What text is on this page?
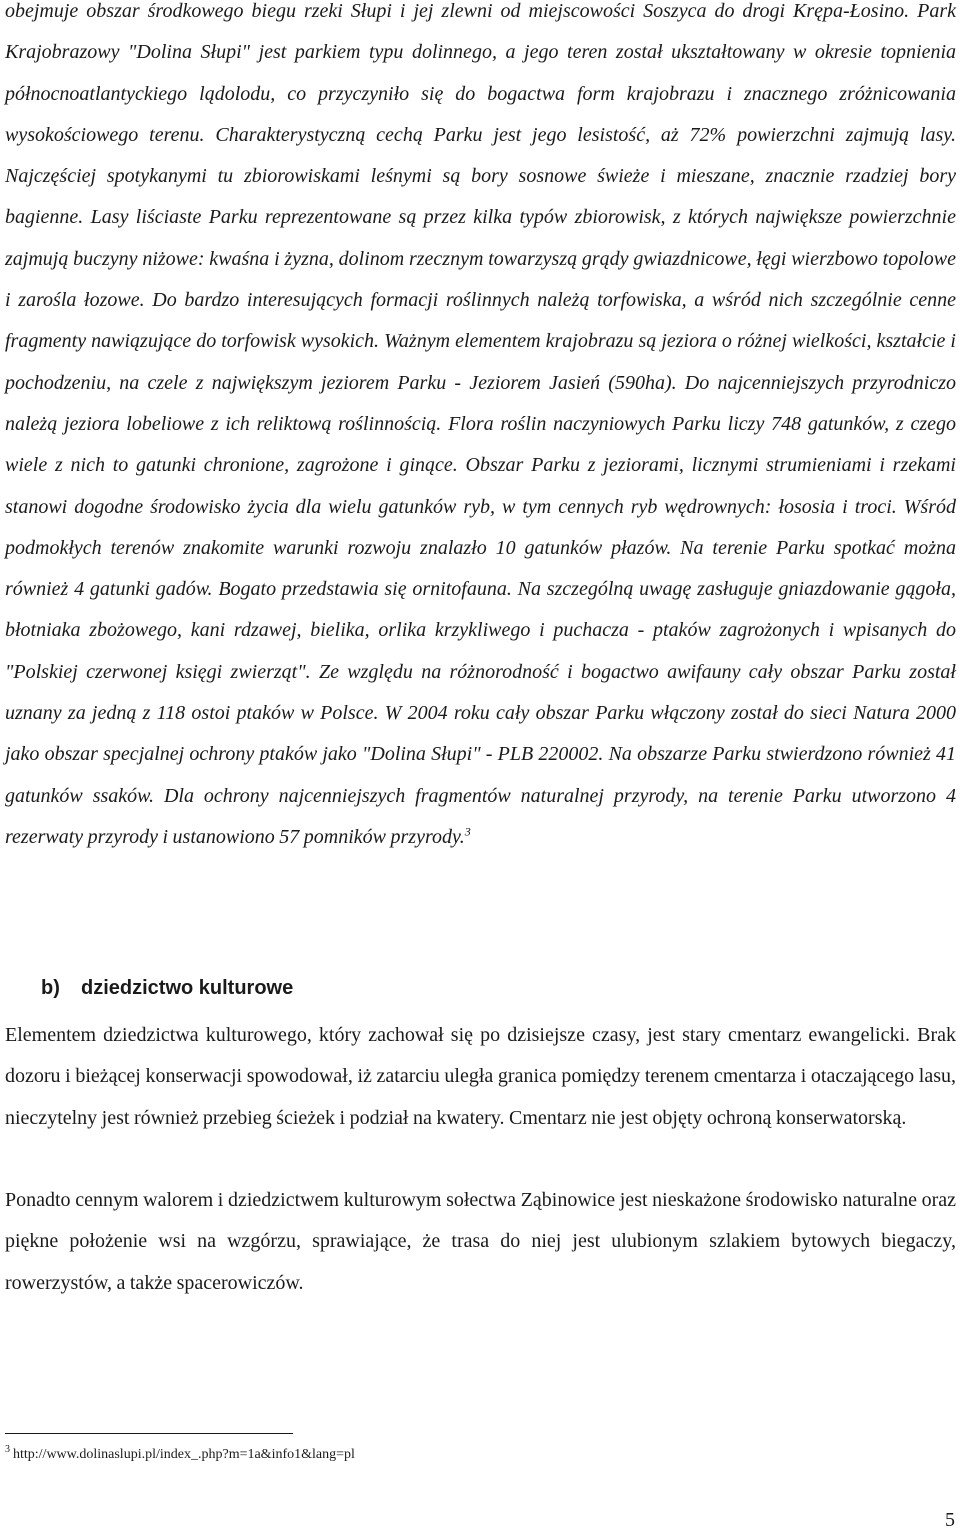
obejmuje obszar środkowego biegu rzeki Słupi i jej zlewni od miejscowości Soszyca do drogi Krępa-Łosino. Park Krajobrazowy "Dolina Słupi" jest parkiem typu dolinnego, a jego teren został ukształtowany w okresie topnienia północnoatlantyckiego lądolodu, co przyczyniło się do bogactwa form krajobrazu i znacznego zróżnicowania wysokościowego terenu. Charakterystyczną cechą Parku jest jego lesistość, aż 72% powierzchni zajmują lasy. Najczęściej spotykanymi tu zbiorowiskami leśnymi są bory sosnowe świeże i mieszane, znacznie rzadziej bory bagienne. Lasy liściaste Parku reprezentowane są przez kilka typów zbiorowisk, z których największe powierzchnie zajmują buczyny niżowe: kwaśna i żyzna, dolinom rzecznym towarzyszą grądy gwiazdnicowe, łęgi wierzbowo topolowe i zarośla łozowe. Do bardzo interesujących formacji roślinnych należą torfowiska, a wśród nich szczególnie cenne fragmenty nawiązujące do torfowisk wysokich. Ważnym elementem krajobrazu są jeziora o różnej wielkości, kształcie i pochodzeniu, na czele z największym jeziorem Parku - Jeziorem Jasień (590ha). Do najcenniejszych przyrodniczo należą jeziora lobeliowe z ich reliktową roślinnością. Flora roślin naczyniowych Parku liczy 748 gatunków, z czego wiele z nich to gatunki chronione, zagrożone i ginące. Obszar Parku z jeziorami, licznymi strumieniami i rzekami stanowi dogodne środowisko życia dla wielu gatunków ryb, w tym cennych ryb wędrownych: łososia i troci. Wśród podmokłych terenów znakomite warunki rozwoju znalazło 10 gatunków płazów. Na terenie Parku spotkać można również 4 gatunki gadów. Bogato przedstawia się ornitofauna. Na szczególną uwagę zasługuje gniazdowanie gągoła, błotniaka zbożowego, kani rdzawej, bielika, orlika krzykliwego i puchacza - ptaków zagrożonych i wpisanych do "Polskiej czerwonej księgi zwierząt". Ze względu na różnorodność i bogactwo awifauny cały obszar Parku został uznany za jedną z 118 ostoi ptaków w Polsce. W 2004 roku cały obszar Parku włączony został do sieci Natura 2000 jako obszar specjalnej ochrony ptaków jako "Dolina Słupi" - PLB 220002. Na obszarze Parku stwierdzono również 41 gatunków ssaków. Dla ochrony najcenniejszych fragmentów naturalnej przyrody, na terenie Parku utworzono 4 rezerwaty przyrody i ustanowiono 57 pomników przyrody.$^3$

b) dziedzictwo kulturowe

Elementem dziedzictwa kulturowego, który zachował się po dzisiejsze czasy, jest stary cmentarz ewangelicki. Brak dozoru i bieżącej konserwacji spowodował, iż zatarciu uległa granica pomiędzy terenem cmentarza i otaczającego lasu, nieczytelny jest również przebieg ścieżek i podział na kwatery. Cmentarz nie jest objęty ochroną konserwatorską.

Ponadto cennym walorem i dziedzictwem kulturowym sołectwa Ząbinowice jest nieskażone środowisko naturalne oraz piękne położenie wsi na wzgórzu, sprawiające, że trasa do niej jest ulubionym szlakiem bytowych biegaczy, rowerzystów, a także spacerowiczów.

$^3$ http://www.dolinaslupi.pl/index_.php?m=1a&info1&lang=pl

5
